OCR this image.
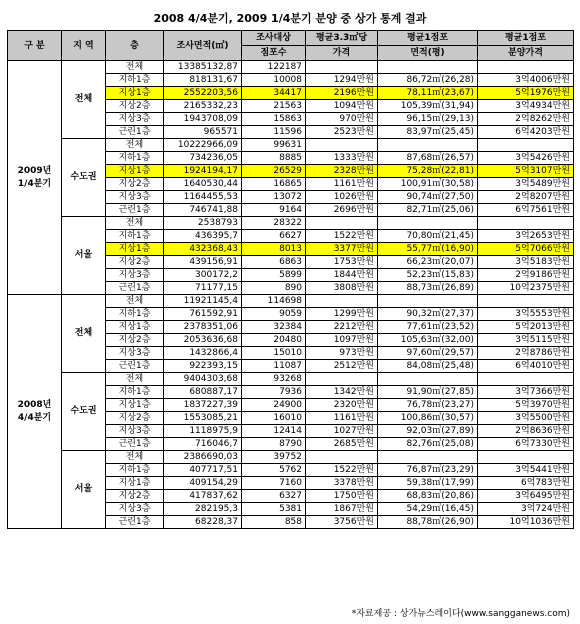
2008 4/4분기, 2009 1/4분기 분양 중 상가 통계 결과
구 분	지 역	층	조사면적(㎡)	조사대상	평균3.3㎡당	평균1점포	평균1점포
				점포수	가격	면적(평)	분양가격
2009년
1/4분기	전체	전체	13385132,87	122187			
		지하1층	818131,67	10008	1294만원	86,72㎡(26,28)	3억4006만원
		지상1층	2552203,56	34417	2196만원	78,11㎡(23,67)	5억1976만원
		지상2층	2165332,23	21563	1094만원	105,39㎡(31,94)	3억4934만원
		지상3층	1943708,09	15863	970만원	96,15㎡(29,13)	2억8262만원
		근린1층	965571	11596	2523만원	83,97㎡(25,45)	6억4203만원
	수도권	전체	10222966,09	99631			
		지하1층	734236,05	8885	1333만원	87,68㎡(26,57)	3억5426만원
		지상1층	1924194,17	26529	2328만원	75,28㎡(22,81)	5억3107만원
		지상2층	1640530,44	16865	1161만원	100,91㎡(30,58)	3억5489만원
		지상3층	1164455,53	13072	1026만원	90,74㎡(27,50)	2억8207만원
		근린1층	746741,88	9164	2696만원	82,71㎡(25,06)	6억7561만원
	서울	전체	2538793	28322			
		지하1층	436395,7	6627	1522만원	70,80㎡(21,45)	3억2653만원
		지상1층	432368,43	8013	3377만원	55,77㎡(16,90)	5억7066만원
		지상2층	439156,91	6863	1753만원	66,23㎡(20,07)	3억5183만원
		지상3층	300172,2	5899	1844만원	52,23㎡(15,83)	2억9186만원
		근린1층	71177,15	890	3808만원	88,73㎡(26,89)	10억2375만원
2008년
4/4분기	전체	전체	11921145,4	114698			
		지하1층	761592,91	9059	1299만원	90,32㎡(27,37)	3억5553만원
		지상1층	2378351,06	32384	2212만원	77,61㎡(23,52)	5억2013만원
		지상2층	2053636,68	20480	1097만원	105,63㎡(32,00)	3억5115만원
		지상3층	1432866,4	15010	973만원	97,60㎡(29,57)	2억8786만원
		근린1층	922393,15	11087	2512만원	84,08㎡(25,48)	6억4010만원
	수도권	전체	9404303,68	93268			
		지하1층	680887,17	7936	1342만원	91,90㎡(27,85)	3억7366만원
		지상1층	1837227,39	24900	2320만원	76,78㎡(23,27)	5억3970만원
		지상2층	1553085,21	16010	1161만원	100,86㎡(30,57)	3억5500만원
		지상3층	1118975,9	12414	1027만원	92,03㎡(27,89)	2억8636만원
		근린1층	716046,7	8790	2685만원	82,76㎡(25,08)	6억7330만원
	서울	전체	2386690,03	39752			
		지하1층	407717,51	5762	1522만원	76,87㎡(23,29)	3억5441만원
		지상1층	409154,29	7160	3378만원	59,38㎡(17,99)	6억783만원
		지상2층	417837,62	6327	1750만원	68,83㎡(20,86)	3억6495만원
		지상3층	282195,3	5381	1867만원	54,29㎡(16,45)	3억724만원
		근린1층	68228,37	858	3756만원	88,78㎡(26,90)	10억1036만원
*자료제공 : 상가뉴스레이다(www.sangganews.com)
